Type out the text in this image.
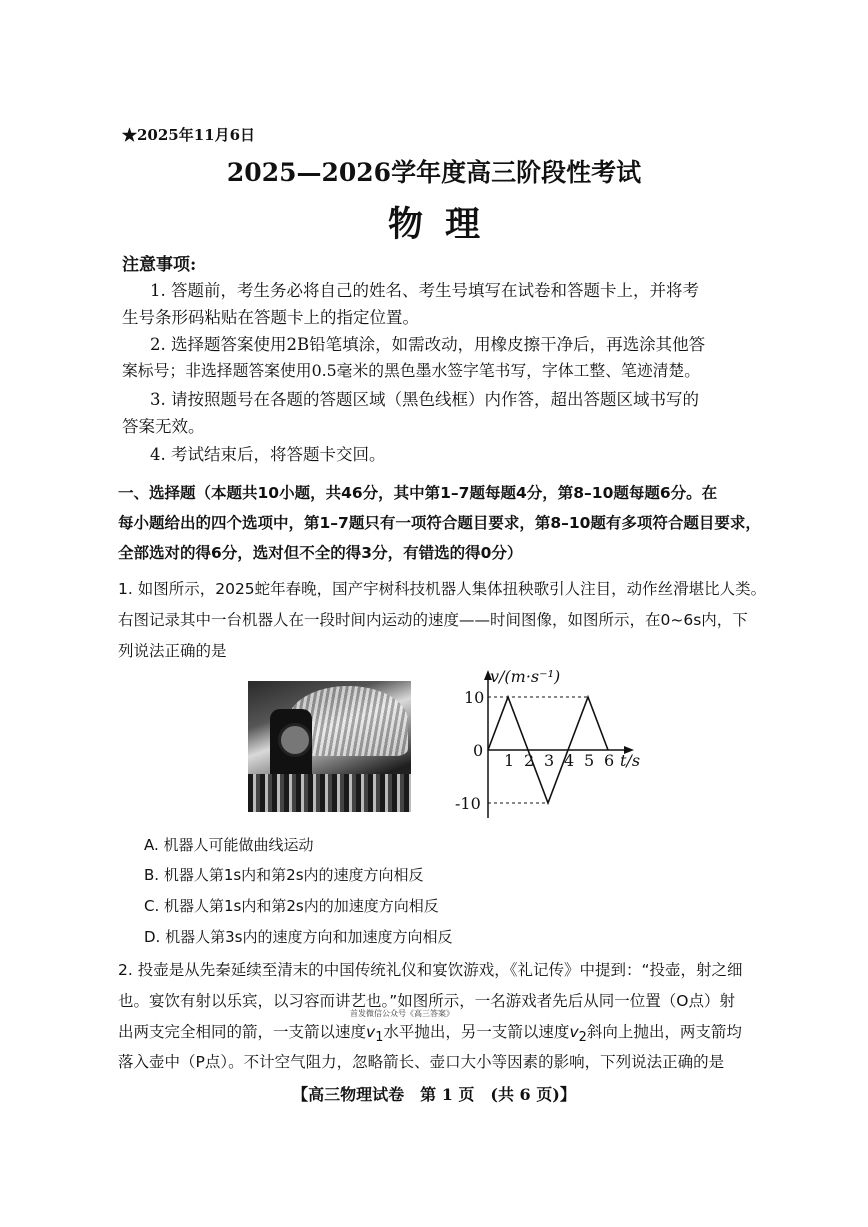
★2025年11月6日
2025—2026学年度高三阶段性考试
物理
注意事项:
1. 答题前，考生务必将自己的姓名、考生号填写在试卷和答题卡上，并将考
生号条形码粘贴在答题卡上的指定位置。
2. 选择题答案使用2B铅笔填涂，如需改动，用橡皮擦干净后，再选涂其他答
案标号；非选择题答案使用0.5毫米的黑色墨水签字笔书写，字体工整、笔迹清楚。
3. 请按照题号在各题的答题区域（黑色线框）内作答，超出答题区域书写的
答案无效。
4. 考试结束后，将答题卡交回。
一、选择题（本题共10小题，共46分，其中第1–7题每题4分，第8–10题每题6分。在
每小题给出的四个选项中，第1–7题只有一项符合题目要求，第8–10题有多项符合题目要求，
全部选对的得6分，选对但不全的得3分，有错选的得0分）
1. 如图所示，2025蛇年春晚，国产宇树科技机器人集体扭秧歌引人注目，动作丝滑堪比人类。
右图记录其中一台机器人在一段时间内运动的速度——时间图像，如图所示，在0~6s内，下
列说法正确的是
1 2 3 4 5 6
10
0
-10
v/(m·s⁻¹)
t/s
A. 机器人可能做曲线运动
B. 机器人第1s内和第2s内的速度方向相反
C. 机器人第1s内和第2s内的加速度方向相反
D. 机器人第3s内的速度方向和加速度方向相反
2. 投壶是从先秦延续至清末的中国传统礼仪和宴饮游戏，《礼记传》中提到：“投壶，射之细
也。宴饮有射以乐宾，以习容而讲艺也。”如图所示，一名游戏者先后从同一位置（O点）射
首发微信公众号《高三答案》
出两支完全相同的箭，一支箭以速度$v_1$水平抛出，另一支箭以速度$v_2$斜向上抛出，两支箭均
落入壶中（P点）。不计空气阻力，忽略箭长、壶口大小等因素的影响，下列说法正确的是
【高三物理试卷　第 1 页　(共 6 页)】
